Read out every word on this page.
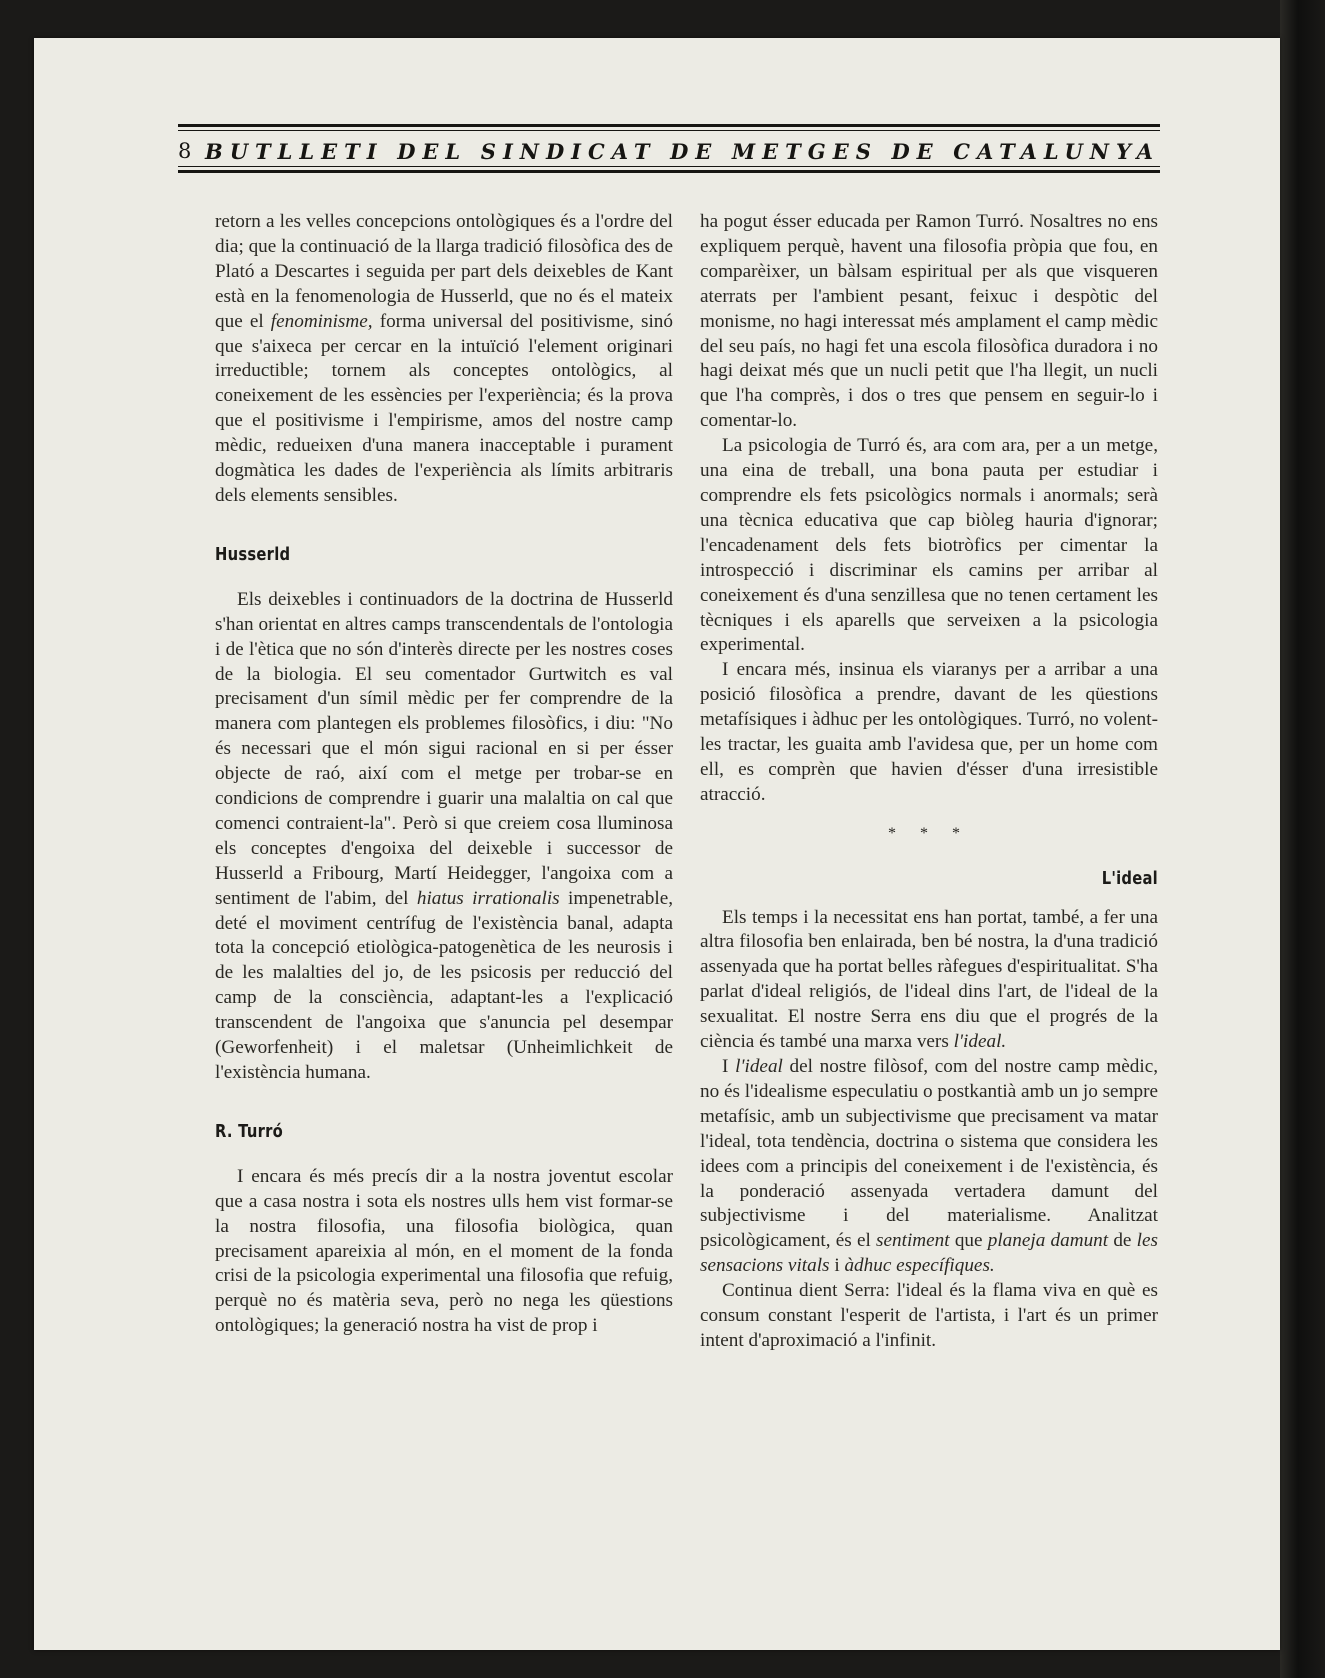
8 BUTLLETI DEL SINDICAT DE METGES DE CATALUNYA

retorn a les velles concepcions ontològiques és a l'ordre del dia; que la continuació de la llarga tradició filosòfica des de Plató a Descartes i seguida per part dels deixebles de Kant està en la fenomenologia de Husserld, que no és el mateix que el fenominisme, forma universal del positivisme, sinó que s'aixeca per cercar en la intuïció l'element originari irreductible; tornem als conceptes ontològics, al coneixement de les essències per l'experiència; és la prova que el positivisme i l'empirisme, amos del nostre camp mèdic, redueixen d'una manera inacceptable i purament dogmàtica les dades de l'experiència als límits arbitraris dels elements sensibles.

Husserld

Els deixebles i continuadors de la doctrina de Husserld s'han orientat en altres camps transcendentals de l'ontologia i de l'ètica que no són d'interès directe per les nostres coses de la biologia. El seu comentador Gurtwitch es val precisament d'un símil mèdic per fer comprendre de la manera com plantegen els problemes filosòfics, i diu: "No és necessari que el món sigui racional en si per ésser objecte de raó, així com el metge per trobar-se en condicions de comprendre i guarir una malaltia on cal que comenci contraient-la". Però si que creiem cosa lluminosa els conceptes d'engoixa del deixeble i successor de Husserld a Fribourg, Martí Heidegger, l'angoixa com a sentiment de l'abim, del hiatus irrationalis impenetrable, deté el moviment centrífug de l'existència banal, adapta tota la concepció etiològica-patogenètica de les neurosis i de les malalties del jo, de les psicosis per reducció del camp de la consciència, adaptant-les a l'explicació transcendent de l'angoixa que s'anuncia pel desempar (Geworfenheit) i el maletsar (Unheimlichkeit de l'existència humana.

R. Turró

I encara és més precís dir a la nostra joventut escolar que a casa nostra i sota els nostres ulls hem vist formar-se la nostra filosofia, una filosofia biològica, quan precisament apareixia al món, en el moment de la fonda crisi de la psicologia experimental una filosofia que refuig, perquè no és matèria seva, però no nega les qüestions ontològiques; la generació nostra ha vist de prop i

ha pogut ésser educada per Ramon Turró. Nosaltres no ens expliquem perquè, havent una filosofia pròpia que fou, en comparèixer, un bàlsam espiritual per als que visqueren aterrats per l'ambient pesant, feixuc i despòtic del monisme, no hagi interessat més amplament el camp mèdic del seu país, no hagi fet una escola filosòfica duradora i no hagi deixat més que un nucli petit que l'ha llegit, un nucli que l'ha comprès, i dos o tres que pensem en seguir-lo i comentar-lo.

La psicologia de Turró és, ara com ara, per a un metge, una eina de treball, una bona pauta per estudiar i comprendre els fets psicològics normals i anormals; serà una tècnica educativa que cap biòleg hauria d'ignorar; l'encadenament dels fets biotròfics per cimentar la introspecció i discriminar els camins per arribar al coneixement és d'una senzillesa que no tenen certament les tècniques i els aparells que serveixen a la psicologia experimental.

I encara més, insinua els viaranys per a arribar a una posició filosòfica a prendre, davant de les qüestions metafísiques i àdhuc per les ontològiques. Turró, no volent-les tractar, les guaita amb l'avidesa que, per un home com ell, es comprèn que havien d'ésser d'una irresistible atracció.

* * *
L'ideal

Els temps i la necessitat ens han portat, també, a fer una altra filosofia ben enlairada, ben bé nostra, la d'una tradició assenyada que ha portat belles ràfegues d'espiritualitat. S'ha parlat d'ideal religiós, de l'ideal dins l'art, de l'ideal de la sexualitat. El nostre Serra ens diu que el progrés de la ciència és també una marxa vers l'ideal.

I l'ideal del nostre filòsof, com del nostre camp mèdic, no és l'idealisme especulatiu o postkantià amb un jo sempre metafísic, amb un subjectivisme que precisament va matar l'ideal, tota tendència, doctrina o sistema que considera les idees com a principis del coneixement i de l'existència, és la ponderació assenyada vertadera damunt del subjectivisme i del materialisme. Analitzat psicològicament, és el sentiment que planeja damunt de les sensacions vitals i àdhuc específiques.

Continua dient Serra: l'ideal és la flama viva en què es consum constant l'esperit de l'artista, i l'art és un primer intent d'aproximació a l'infinit.
